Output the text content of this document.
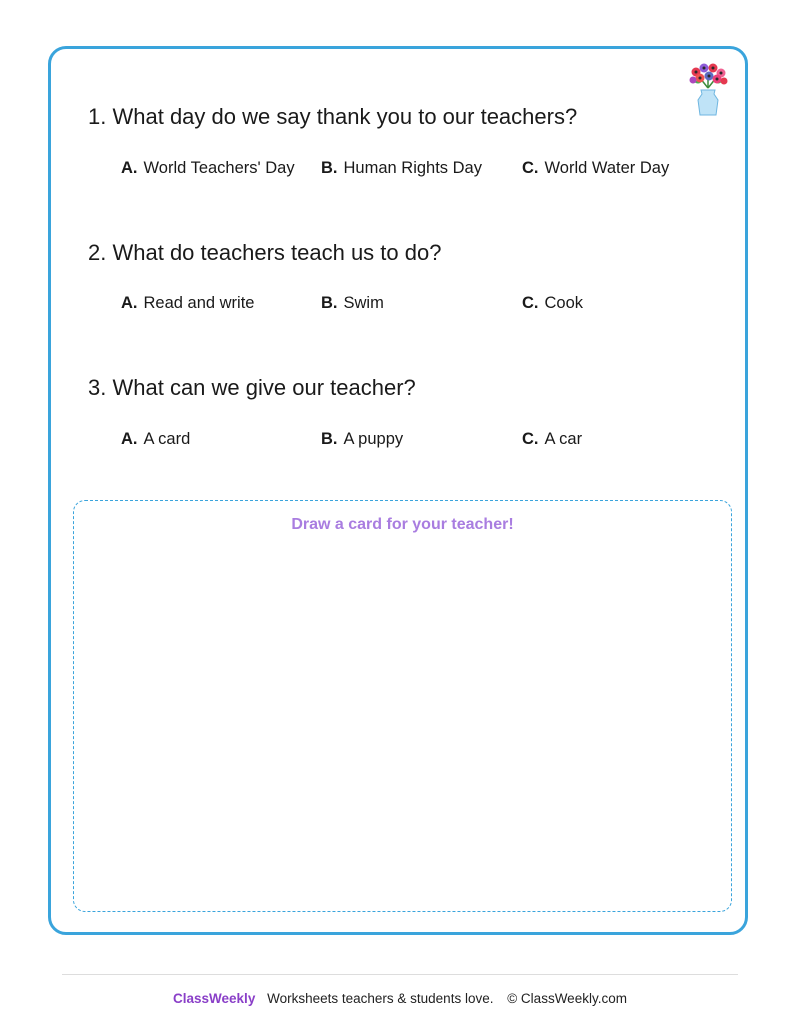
1. What day do we say thank you to our teachers?
A. World Teachers' Day B. Human Rights Day C. World Water Day
2. What do teachers teach us to do?
A. Read and write	B. Swim	C. Cook
3. What can we give our teacher?
A. A card	B. A puppy	C. A car
Draw a card for your teacher!
ClassWeekly Worksheets teachers & students love. © ClassWeekly.com
